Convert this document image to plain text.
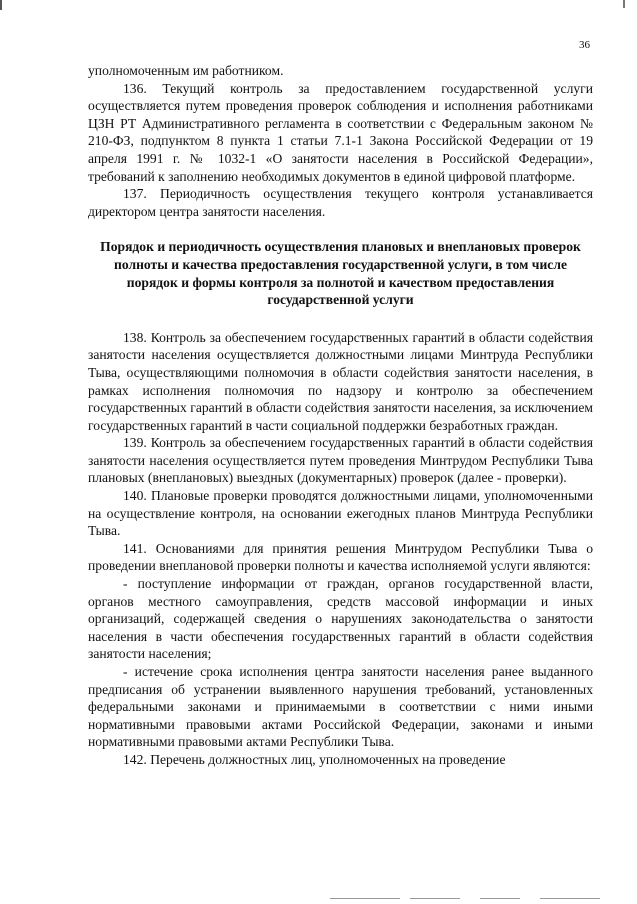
36

уполномоченным им работником.

136. Текущий контроль за предоставлением государственной услуги осуществляется путем проведения проверок соблюдения и исполнения работниками ЦЗН РТ Административного регламента в соответствии с Федеральным законом № 210-ФЗ, подпунктом 8 пункта 1 статьи 7.1-1 Закона Российской Федерации от 19 апреля 1991 г. № 1032-1 «О занятости населения в Российской Федерации», требований к заполнению необходимых документов в единой цифровой платформе.

137. Периодичность осуществления текущего контроля устанавливается директором центра занятости населения.

Порядок и периодичность осуществления плановых и внеплановых проверок полноты и качества предоставления государственной услуги, в том числе порядок и формы контроля за полнотой и качеством предоставления государственной услуги

138. Контроль за обеспечением государственных гарантий в области содействия занятости населения осуществляется должностными лицами Минтруда Республики Тыва, осуществляющими полномочия в области содействия занятости населения, в рамках исполнения полномочия по надзору и контролю за обеспечением государственных гарантий в области содействия занятости населения, за исключением государственных гарантий в части социальной поддержки безработных граждан.

139. Контроль за обеспечением государственных гарантий в области содействия занятости населения осуществляется путем проведения Минтрудом Республики Тыва плановых (внеплановых) выездных (документарных) проверок (далее - проверки).

140. Плановые проверки проводятся должностными лицами, уполномоченными на осуществление контроля, на основании ежегодных планов Минтруда Республики Тыва.

141. Основаниями для принятия решения Минтрудом Республики Тыва о проведении внеплановой проверки полноты и качества исполняемой услуги являются:

- поступление информации от граждан, органов государственной власти, органов местного самоуправления, средств массовой информации и иных организаций, содержащей сведения о нарушениях законодательства о занятости населения в части обеспечения государственных гарантий в области содействия занятости населения;

- истечение срока исполнения центра занятости населения ранее выданного предписания об устранении выявленного нарушения требований, установленных федеральными законами и принимаемыми в соответствии с ними иными нормативными правовыми актами Российской Федерации, законами и иными нормативными правовыми актами Республики Тыва.

142. Перечень должностных лиц, уполномоченных на проведение
